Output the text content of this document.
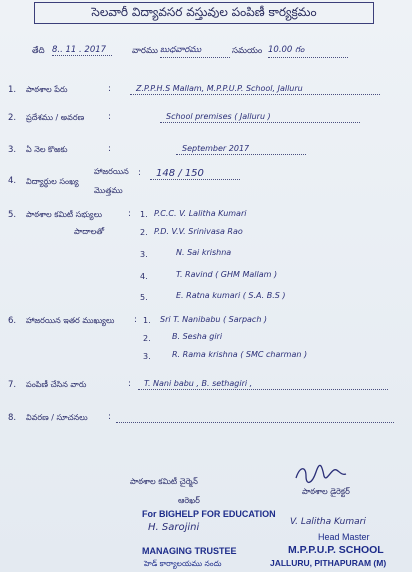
సెలవారీ విద్యావసర వస్తువుల పంపిణీ కార్యక్రమం
తేది 8.. 11 . 2017	వారము బుధవారము	సమయం 10.00 గం
1. పాఠశాల పేరు	:	Z.P.P.H.S Mallam, M.P.P.U.P. School, Jalluru
2. ప్రదేశము / అవరణ	:	School premises ( Jalluru )
3. ఏ నెల కొఱకు	:	September 2017
4. విద్యార్థుల సంఖ్య
హాజరయిన
మొత్తము
:	148 / 150
5. పాఠశాల కమిటీ సభ్యులు	:
పాదాలతో
1. P.C.C. V. Lalitha Kumari
2. P.D. V.V. Srinivasa Rao
3.	N. Sai krishna
4.	T. Ravind ( GHM Mallam )
5.	E. Ratna kumari ( S.A. B.S )
6. హాజరయిన ఇతర ముఖ్యులు : 1. Sri T. Nanibabu ( Sarpach )
2.	B. Sesha giri
3.	R. Rama krishna ( SMC charman )
7. పంపిణీ చేసిన వారు	:	T. Nani babu , B. sethagiri ,
8. వివరణ / సూచనలు :
పాఠశాల కమిటీ చైర్మెన్
పాఠశాల డైరెక్టర్
ఆరెఖర్
For BIGHELP FOR EDUCATION
H. Sarojini
MANAGING TRUSTEE
హెడ్ కార్యాలయము నందు
V. Lalitha Kumari
Head Master
M.P.P.U.P. SCHOOL
JALLURU, PITHAPURAM (M)
